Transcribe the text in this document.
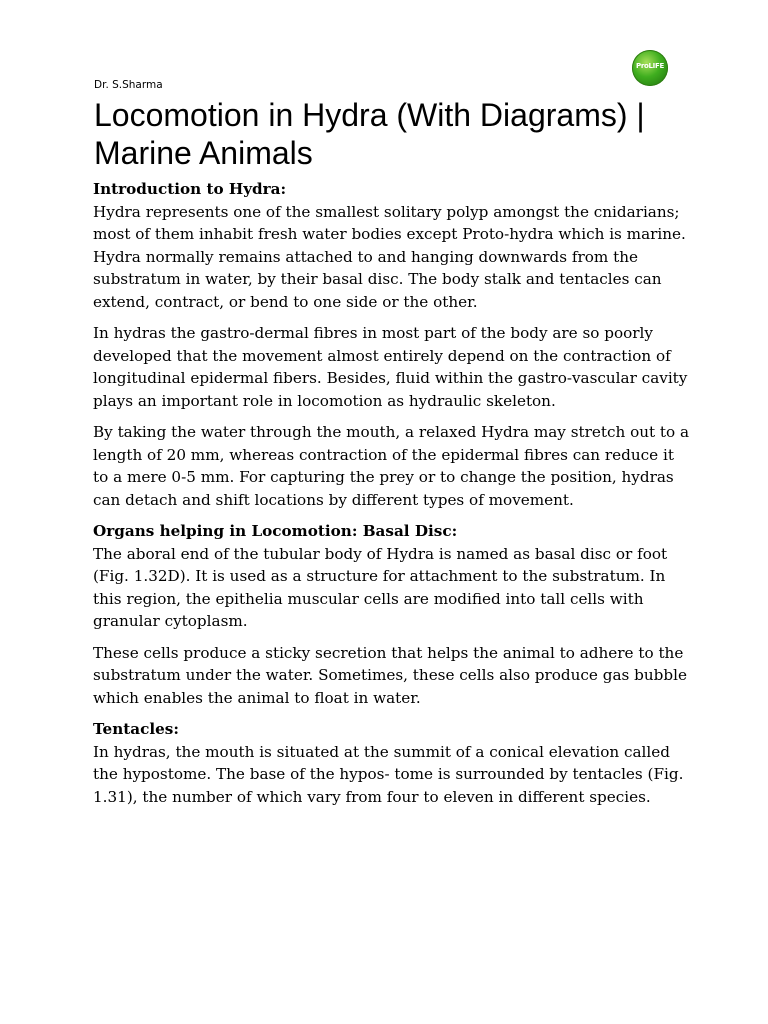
ProLIFE
Dr. S.Sharma
Locomotion in Hydra (With Diagrams) | Marine Animals

Introduction to Hydra:

Hydra represents one of the smallest solitary polyp amongst the cnidarians; most of them inhabit fresh water bodies except Proto-hydra which is marine. Hydra normally remains attached to and hanging downwards from the substratum in water, by their basal disc. The body stalk and tentacles can extend, contract, or bend to one side or the other.

In hydras the gastro-dermal fibres in most part of the body are so poorly developed that the movement almost entirely depend on the contraction of longitudinal epidermal fibers. Besides, fluid within the gastro-vascular cavity plays an important role in locomotion as hydraulic skeleton.

By taking the water through the mouth, a relaxed Hydra may stretch out to a length of 20 mm, whereas contraction of the epidermal fibres can reduce it to a mere 0-5 mm. For capturing the prey or to change the position, hydras can detach and shift locations by different types of movement.

Organs helping in Locomotion: Basal Disc:

The aboral end of the tubular body of Hydra is named as basal disc or foot (Fig. 1.32D). It is used as a structure for attachment to the substratum. In this region, the epithelia muscular cells are modified into tall cells with granular cytoplasm.

These cells produce a sticky secretion that helps the animal to adhere to the substratum under the water. Sometimes, these cells also produce gas bubble which enables the animal to float in water.

Tentacles:

In hydras, the mouth is situated at the summit of a conical elevation called the hypostome. The base of the hypos- tome is surrounded by tentacles (Fig. 1.31), the number of which vary from four to eleven in different species.
